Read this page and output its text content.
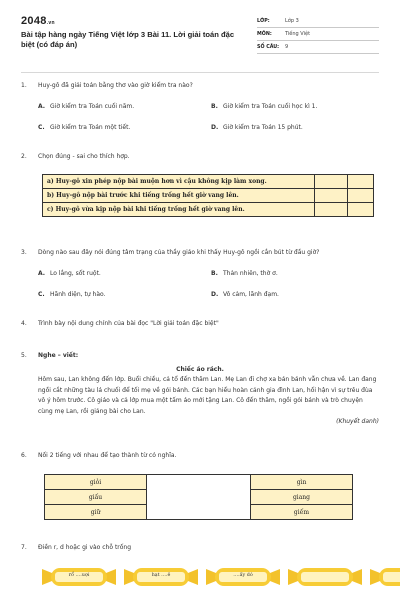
2048.vn
Bài tập hàng ngày Tiếng Việt lớp 3 Bài 11. Lời giải toán đặc biệt (có đáp án)
LỚP:	Lớp 3
MÔN:	Tiếng Việt
SỐ CÂU:	9
1. Huy-gô đã giải toán bằng thơ vào giờ kiểm tra nào?
A. Giờ kiểm tra Toán cuối năm.	B. Giờ kiểm tra Toán cuối học kì 1.
C. Giờ kiểm tra Toán một tiết.	D. Giờ kiểm tra Toán 15 phút.
2. Chọn đúng - sai cho thích hợp.
a) Huy-gô xin phép nộp bài muộn hơn vì cậu không kịp làm xong.		
b) Huy-gô nộp bài trước khi tiếng trống hết giờ vang lên.		
c) Huy-gô vừa kịp nộp bài khi tiếng trống hết giờ vang lên.		
3. Dòng nào sau đây nói đúng tâm trạng của thầy giáo khi thấy Huy-gô ngồi cắn bút từ đầu giờ?
A. Lo lắng, sốt ruột.	B. Thản nhiên, thờ ơ.
C. Hãnh diện, tự hào.	D. Vô cảm, lãnh đạm.
4. Trình bày nội dung chính của bài đọc "Lời giải toán đặc biệt"
5. Nghe – viết:
Chiếc áo rách.
Hôm sau, Lan không đến lớp. Buổi chiều, cả tổ đến thăm Lan. Mẹ Lan đi chợ xa bán bánh vẫn chưa về. Lan đang ngồi cắt những tàu lá chuối để tối mẹ về gói bánh. Các bạn hiểu hoàn cảnh gia đình Lan, hối hận vì sự trêu đùa vô ý hôm trước. Cô giáo và cả lớp mua một tấm áo mới tặng Lan. Cô đến thăm, ngồi gói bánh và trò chuyện cùng mẹ Lan, rồi giảng bài cho Lan.
(Khuyết danh)
6. Nối 2 tiếng với nhau để tạo thành từ có nghĩa.
giỏi		gìn
giấu		giang
giữ		giếm
7. Điền r, d hoặc gi vào chỗ trống
rổ ….uợi	hạt ….ẻ	….ấy dó
